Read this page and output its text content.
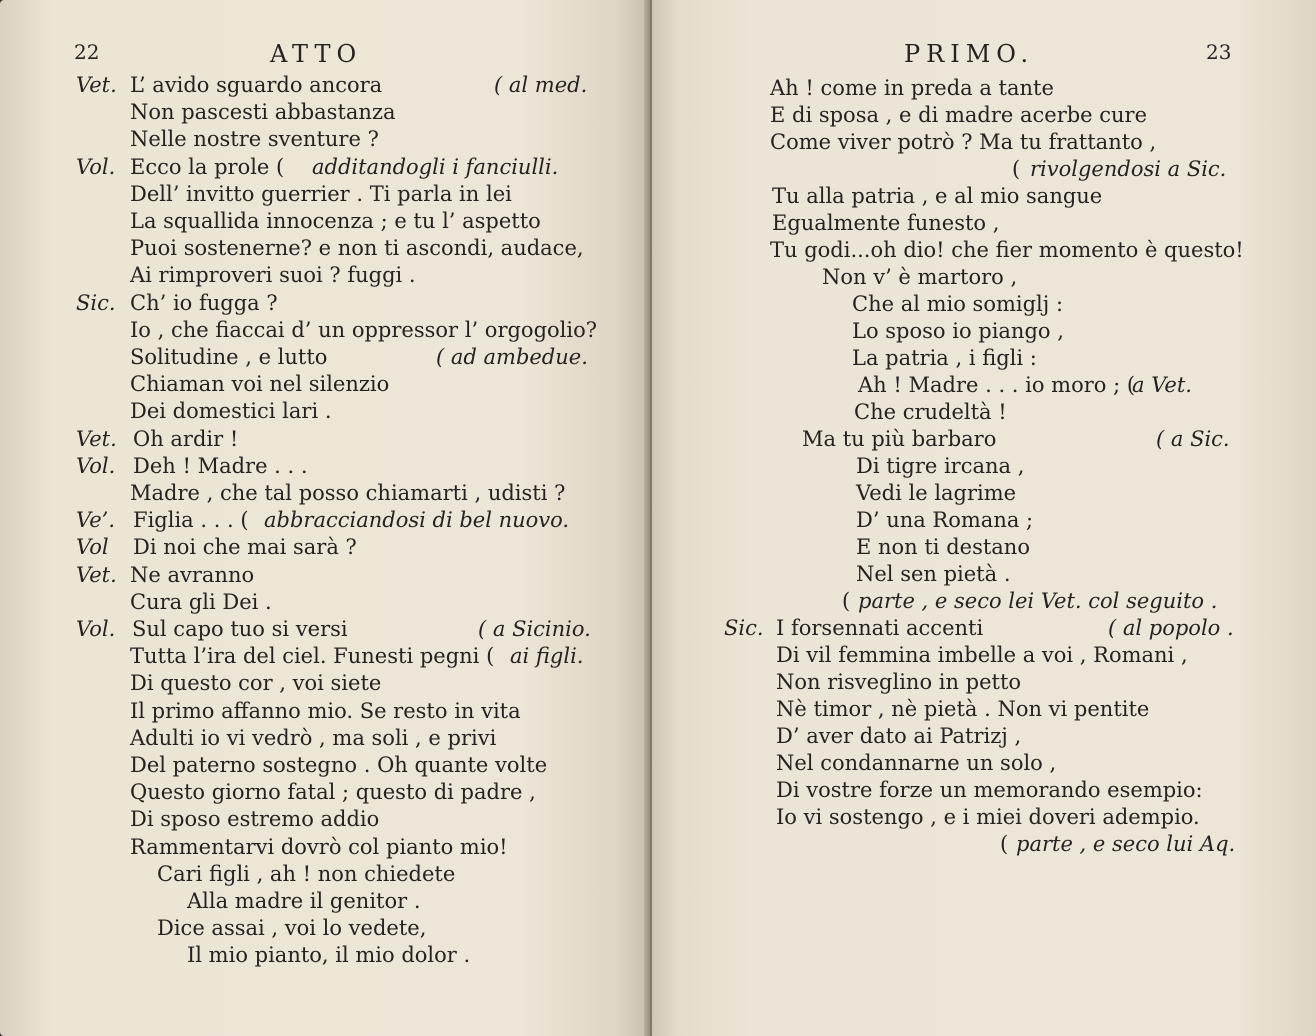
22	ATTO
Vet. L’ avido sguardo ancora	( al med.
Non pascesti abbastanza
Nelle nostre sventure ?
Vol. Ecco la prole ( additandogli i fanciulli.
Dell’ invitto guerrier . Ti parla in lei
La squallida innocenza ; e tu l’ aspetto
Puoi sostenerne? e non ti ascondi, audace,
Ai rimproveri suoi ? fuggi .
Sic. Ch’ io fugga ?
Io , che fiaccai d’ un oppressor l’ orgogolio?
Solitudine , e lutto	( ad ambedue.
Chiaman voi nel silenzio
Dei domestici lari .
Vet. Oh ardir !
Vol. Deh ! Madre . . .
Madre , che tal posso chiamarti , udisti ?
Ve’. Figlia . . . ( abbracciandosi di bel nuovo.
Vol Di noi che mai sarà ?
Vet. Ne avranno
Cura gli Dei .
Vol. Sul capo tuo si versi	( a Sicinio.
Tutta l’ira del ciel. Funesti pegni ( ai figli.
Di questo cor , voi siete
Il primo affanno mio. Se resto in vita
Adulti io vi vedrò , ma soli , e privi
Del paterno sostegno . Oh quante volte
Questo giorno fatal ; questo di padre ,
Di sposo estremo addio
Rammentarvi dovrò col pianto mio!
Cari figli , ah ! non chiedete
Alla madre il genitor .
Dice assai , voi lo vedete,
Il mio pianto, il mio dolor .
PRIMO.	23
Ah ! come in preda a tante
E di sposa , e di madre acerbe cure
Come viver potrò ? Ma tu frattanto ,
( rivolgendosi a Sic.
Tu alla patria , e al mio sangue
Egualmente funesto ,
Tu godi...oh dio! che fier momento è questo!
Non v’ è martoro ,
Che al mio somiglj :
Lo sposo io piango ,
La patria , i figli :
Ah ! Madre . . . io moro ; (
a Vet.
Che crudeltà !
Ma tu più barbaro	( a Sic.
Di tigre ircana ,
Vedi le lagrime
D’ una Romana ;
E non ti destano
Nel sen pietà .
( parte , e seco lei Vet. col seguito .
Sic. I forsennati accenti	( al popolo .
Di vil femmina imbelle a voi , Romani ,
Non risveglino in petto
Nè timor , nè pietà . Non vi pentite
D’ aver dato ai Patrizj ,
Nel condannarne un solo ,
Di vostre forze un memorando esempio:
Io vi sostengo , e i miei doveri adempio.
( parte , e seco lui Aq.
